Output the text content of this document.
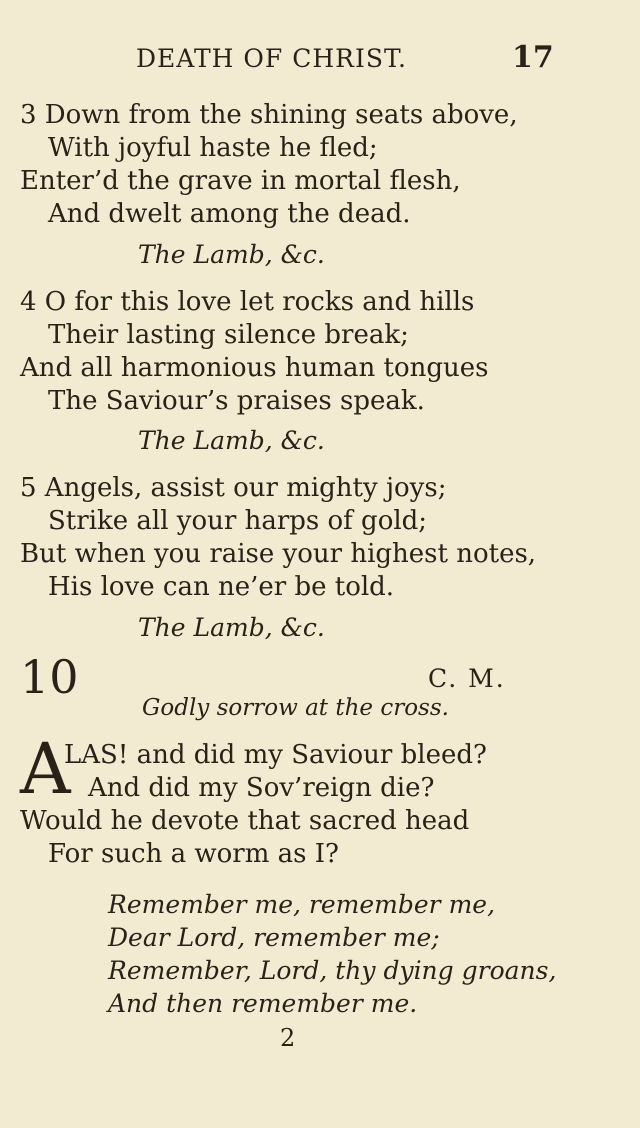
DEATH OF CHRIST.	17
3 Down from the shining seats above,
With joyful haste he fled;
Enter’d the grave in mortal flesh,
And dwelt among the dead.
The Lamb, &c.
4 O for this love let rocks and hills
Their lasting silence break;
And all harmonious human tongues
The Saviour’s praises speak.
The Lamb, &c.
5 Angels, assist our mighty joys;
Strike all your harps of gold;
But when you raise your highest notes,
His love can ne’er be told.
The Lamb, &c.
10	C. M.
Godly sorrow at the cross.
A
LAS! and did my Saviour bleed?
And did my Sov’reign die?
Would he devote that sacred head
For such a worm as I?
Remember me, remember me,
Dear Lord, remember me;
Remember, Lord, thy dying groans,
And then remember me.
2
